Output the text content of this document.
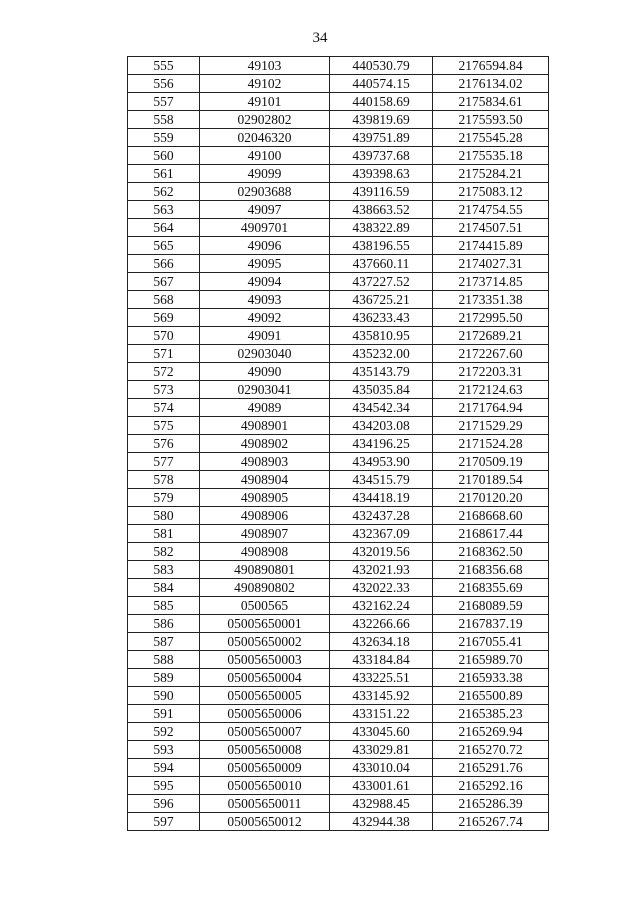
34
555	49103	440530.79	2176594.84
556	49102	440574.15	2176134.02
557	49101	440158.69	2175834.61
558	02902802	439819.69	2175593.50
559	02046320	439751.89	2175545.28
560	49100	439737.68	2175535.18
561	49099	439398.63	2175284.21
562	02903688	439116.59	2175083.12
563	49097	438663.52	2174754.55
564	4909701	438322.89	2174507.51
565	49096	438196.55	2174415.89
566	49095	437660.11	2174027.31
567	49094	437227.52	2173714.85
568	49093	436725.21	2173351.38
569	49092	436233.43	2172995.50
570	49091	435810.95	2172689.21
571	02903040	435232.00	2172267.60
572	49090	435143.79	2172203.31
573	02903041	435035.84	2172124.63
574	49089	434542.34	2171764.94
575	4908901	434203.08	2171529.29
576	4908902	434196.25	2171524.28
577	4908903	434953.90	2170509.19
578	4908904	434515.79	2170189.54
579	4908905	434418.19	2170120.20
580	4908906	432437.28	2168668.60
581	4908907	432367.09	2168617.44
582	4908908	432019.56	2168362.50
583	490890801	432021.93	2168356.68
584	490890802	432022.33	2168355.69
585	0500565	432162.24	2168089.59
586	05005650001	432266.66	2167837.19
587	05005650002	432634.18	2167055.41
588	05005650003	433184.84	2165989.70
589	05005650004	433225.51	2165933.38
590	05005650005	433145.92	2165500.89
591	05005650006	433151.22	2165385.23
592	05005650007	433045.60	2165269.94
593	05005650008	433029.81	2165270.72
594	05005650009	433010.04	2165291.76
595	05005650010	433001.61	2165292.16
596	05005650011	432988.45	2165286.39
597	05005650012	432944.38	2165267.74
